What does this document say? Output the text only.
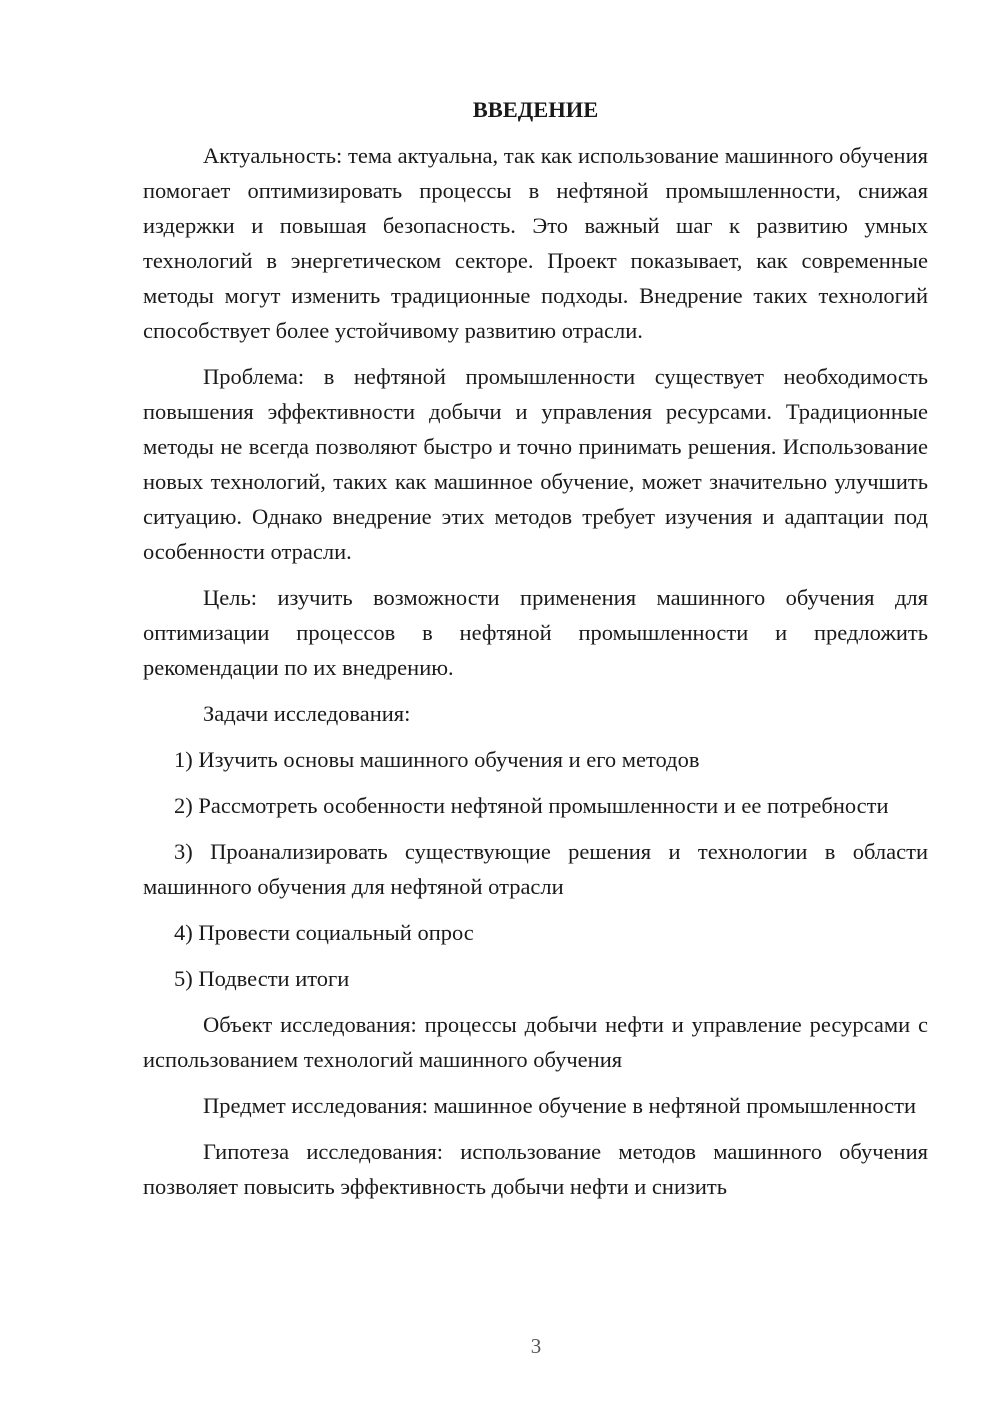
ВВЕДЕНИЕ

Актуальность: тема актуальна, так как использование машинного обучения помогает оптимизировать процессы в нефтяной промышленности, снижая издержки и повышая безопасность. Это важный шаг к развитию умных технологий в энергетическом секторе. Проект показывает, как современные методы могут изменить традиционные подходы. Внедрение таких технологий способствует более устойчивому развитию отрасли.

Проблема: в нефтяной промышленности существует необходимость повышения эффективности добычи и управления ресурсами. Традиционные методы не всегда позволяют быстро и точно принимать решения. Использование новых технологий, таких как машинное обучение, может значительно улучшить ситуацию. Однако внедрение этих методов требует изучения и адаптации под особенности отрасли.

Цель: изучить возможности применения машинного обучения для оптимизации процессов в нефтяной промышленности и предложить рекомендации по их внедрению.

Задачи исследования:

1) Изучить основы машинного обучения и его методов

2) Рассмотреть особенности нефтяной промышленности и ее потребности

3) Проанализировать существующие решения и технологии в области машинного обучения для нефтяной отрасли

4) Провести социальный опрос

5) Подвести итоги

Объект исследования: процессы добычи нефти и управление ресурсами с использованием технологий машинного обучения

Предмет исследования: машинное обучение в нефтяной промышленности

Гипотеза исследования: использование методов машинного обучения позволяет повысить эффективность добычи нефти и снизить

3
